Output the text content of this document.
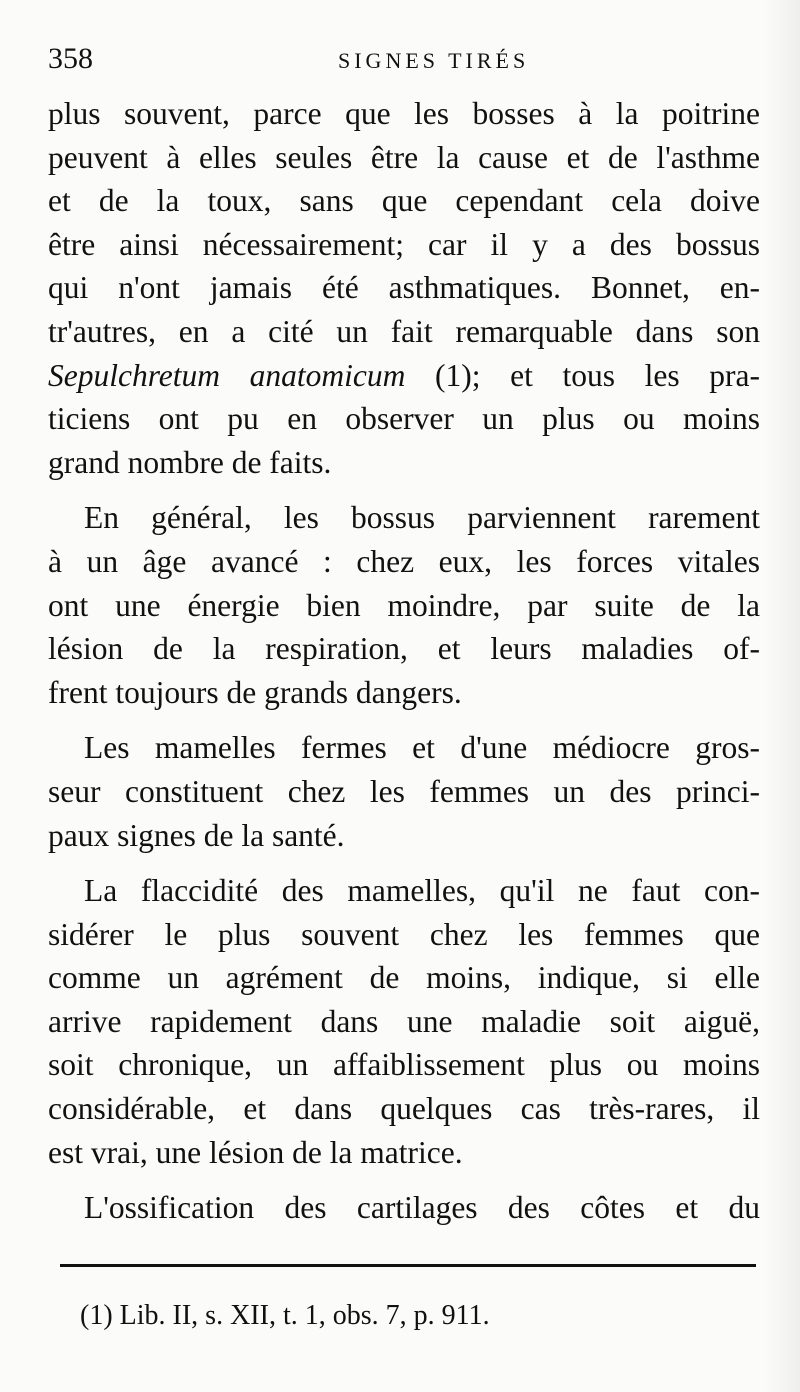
358	SIGNES TIRÉS

plus souvent, parce que les bosses à la poitrine
peuvent à elles seules être la cause et de l'asthme
et de la toux, sans que cependant cela doive
être ainsi nécessairement; car il y a des bossus
qui n'ont jamais été asthmatiques. Bonnet, en-
tr'autres, en a cité un fait remarquable dans son
Sepulchretum anatomicum (1); et tous les pra-
ticiens ont pu en observer un plus ou moins
grand nombre de faits.

En général, les bossus parviennent rarement
à un âge avancé : chez eux, les forces vitales
ont une énergie bien moindre, par suite de la
lésion de la respiration, et leurs maladies of-
frent toujours de grands dangers.

Les mamelles fermes et d'une médiocre gros-
seur constituent chez les femmes un des princi-
paux signes de la santé.

La flaccidité des mamelles, qu'il ne faut con-
sidérer le plus souvent chez les femmes que
comme un agrément de moins, indique, si elle
arrive rapidement dans une maladie soit aiguë,
soit chronique, un affaiblissement plus ou moins
considérable, et dans quelques cas très-rares, il
est vrai, une lésion de la matrice.

L'ossification des cartilages des côtes et du

(1) Lib. II, s. XII, t. 1, obs. 7, p. 911.
